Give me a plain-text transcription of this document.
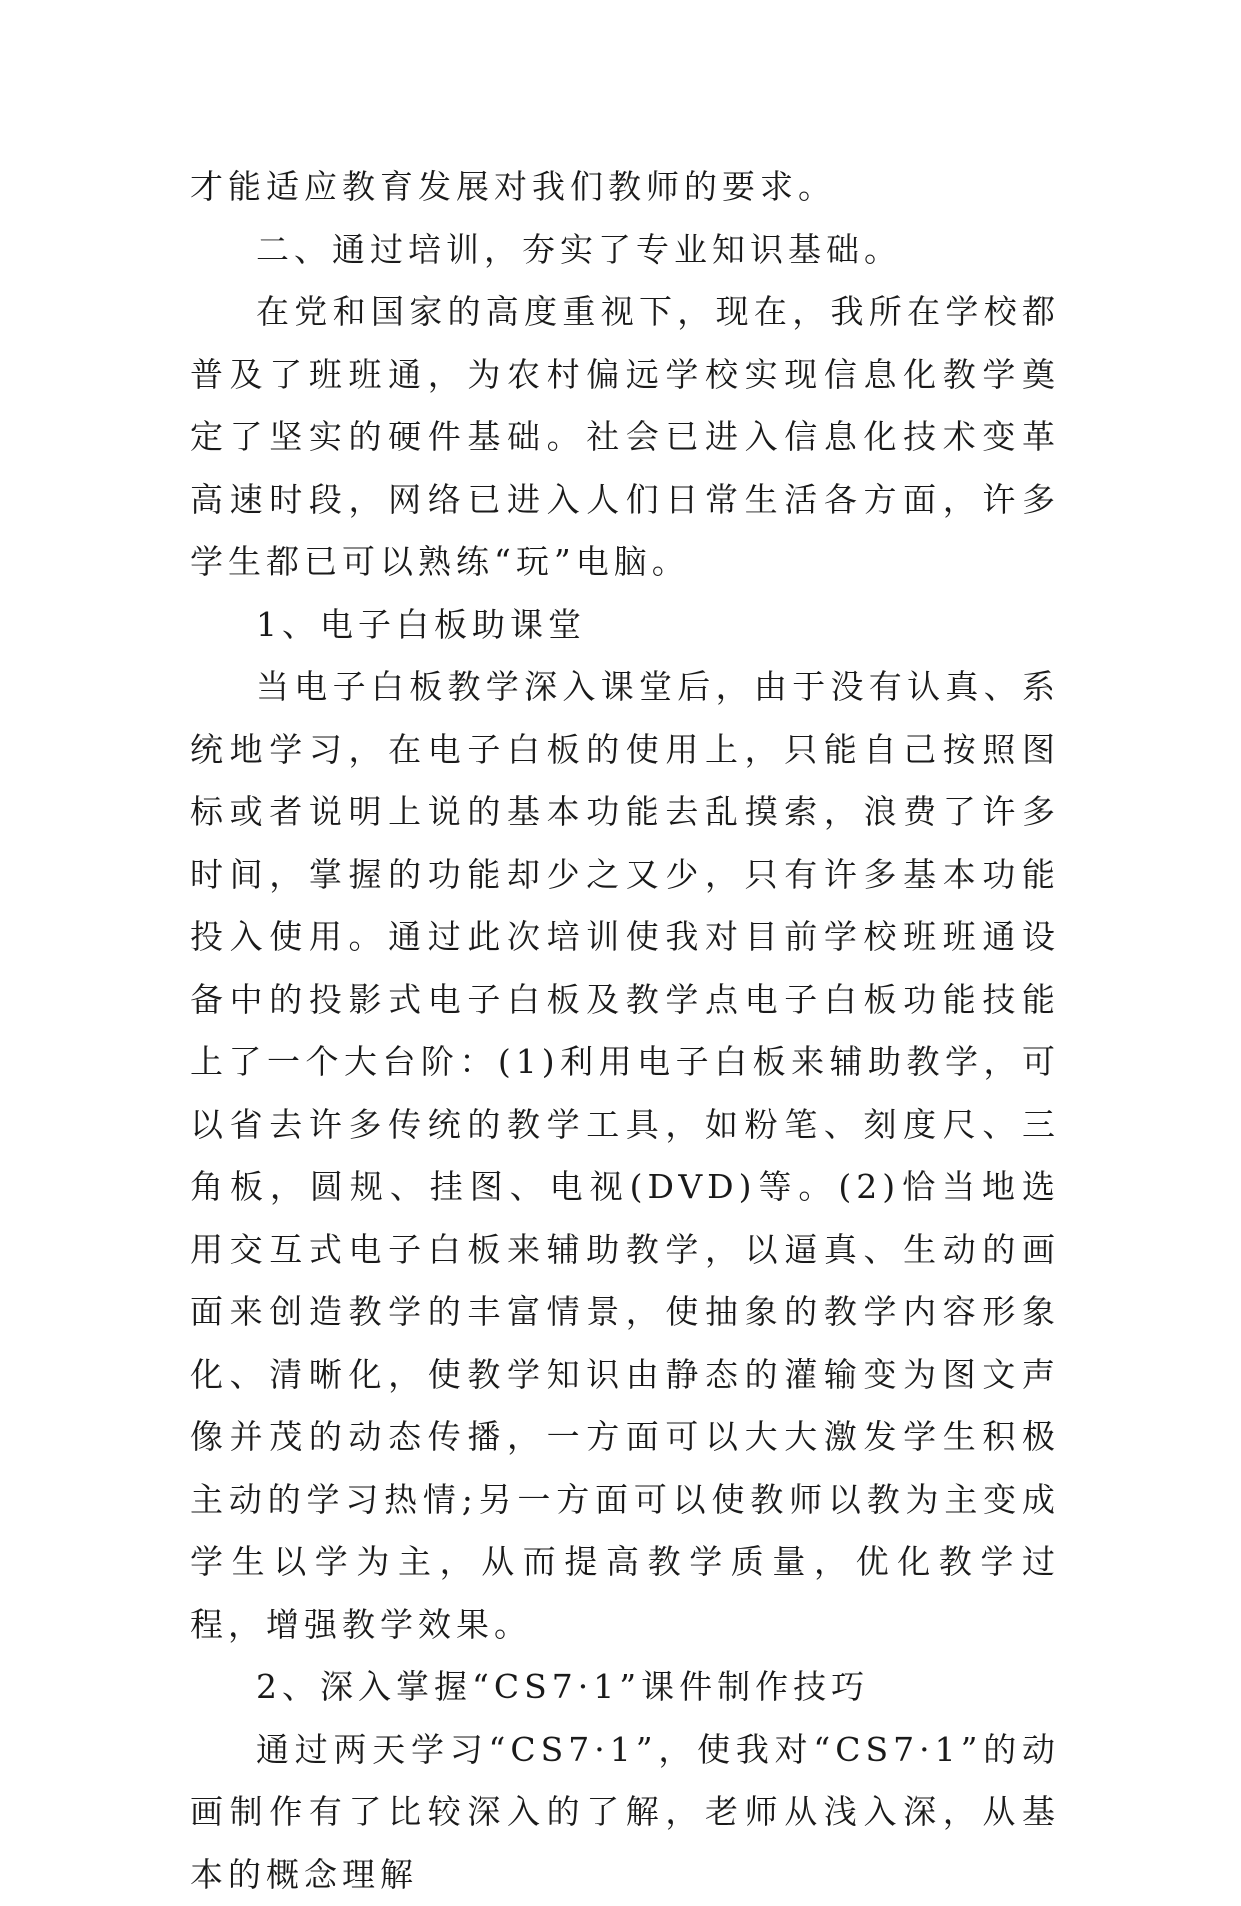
才能适应教育发展对我们教师的要求。

二、通过培训，夯实了专业知识基础。

在党和国家的高度重视下，现在，我所在学校都普及了班班通，为农村偏远学校实现信息化教学奠定了坚实的硬件基础。社会已进入信息化技术变革高速时段，网络已进入人们日常生活各方面，许多学生都已可以熟练“玩”电脑。

1、电子白板助课堂

当电子白板教学深入课堂后，由于没有认真、系统地学习，在电子白板的使用上，只能自己按照图标或者说明上说的基本功能去乱摸索，浪费了许多时间，掌握的功能却少之又少，只有许多基本功能投入使用。通过此次培训使我对目前学校班班通设备中的投影式电子白板及教学点电子白板功能技能上了一个大台阶：(1)利用电子白板来辅助教学，可以省去许多传统的教学工具，如粉笔、刻度尺、三角板，圆规、挂图、电视(DVD)等。(2)恰当地选用交互式电子白板来辅助教学，以逼真、生动的画面来创造教学的丰富情景，使抽象的教学内容形象化、清晰化，使教学知识由静态的灌输变为图文声像并茂的动态传播，一方面可以大大激发学生积极主动的学习热情;另一方面可以使教师以教为主变成学生以学为主，从而提高教学质量，优化教学过程，增强教学效果。

2、深入掌握“CS7·1”课件制作技巧

通过两天学习“CS7·1”，使我对“CS7·1”的动画制作有了比较深入的了解，老师从浅入深，从基本的概念理解
